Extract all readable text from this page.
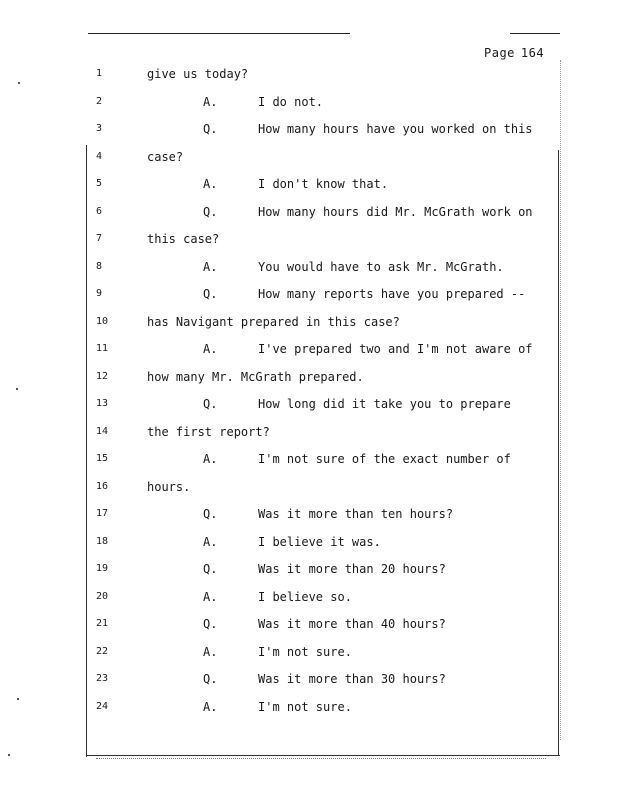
Page 164
1	give us today?
2	A.	I do not.
3	Q.	How many hours have you worked on this
4	case?
5	A.	I don't know that.
6	Q.	How many hours did Mr. McGrath work on
7	this case?
8	A.	You would have to ask Mr. McGrath.
9	Q.	How many reports have you prepared --
10	has Navigant prepared in this case?
11	A.	I've prepared two and I'm not aware of
12	how many Mr. McGrath prepared.
13	Q.	How long did it take you to prepare
14	the first report?
15	A.	I'm not sure of the exact number of
16	hours.
17	Q.	Was it more than ten hours?
18	A.	I believe it was.
19	Q.	Was it more than 20 hours?
20	A.	I believe so.
21	Q.	Was it more than 40 hours?
22	A.	I'm not sure.
23	Q.	Was it more than 30 hours?
24	A.	I'm not sure.
